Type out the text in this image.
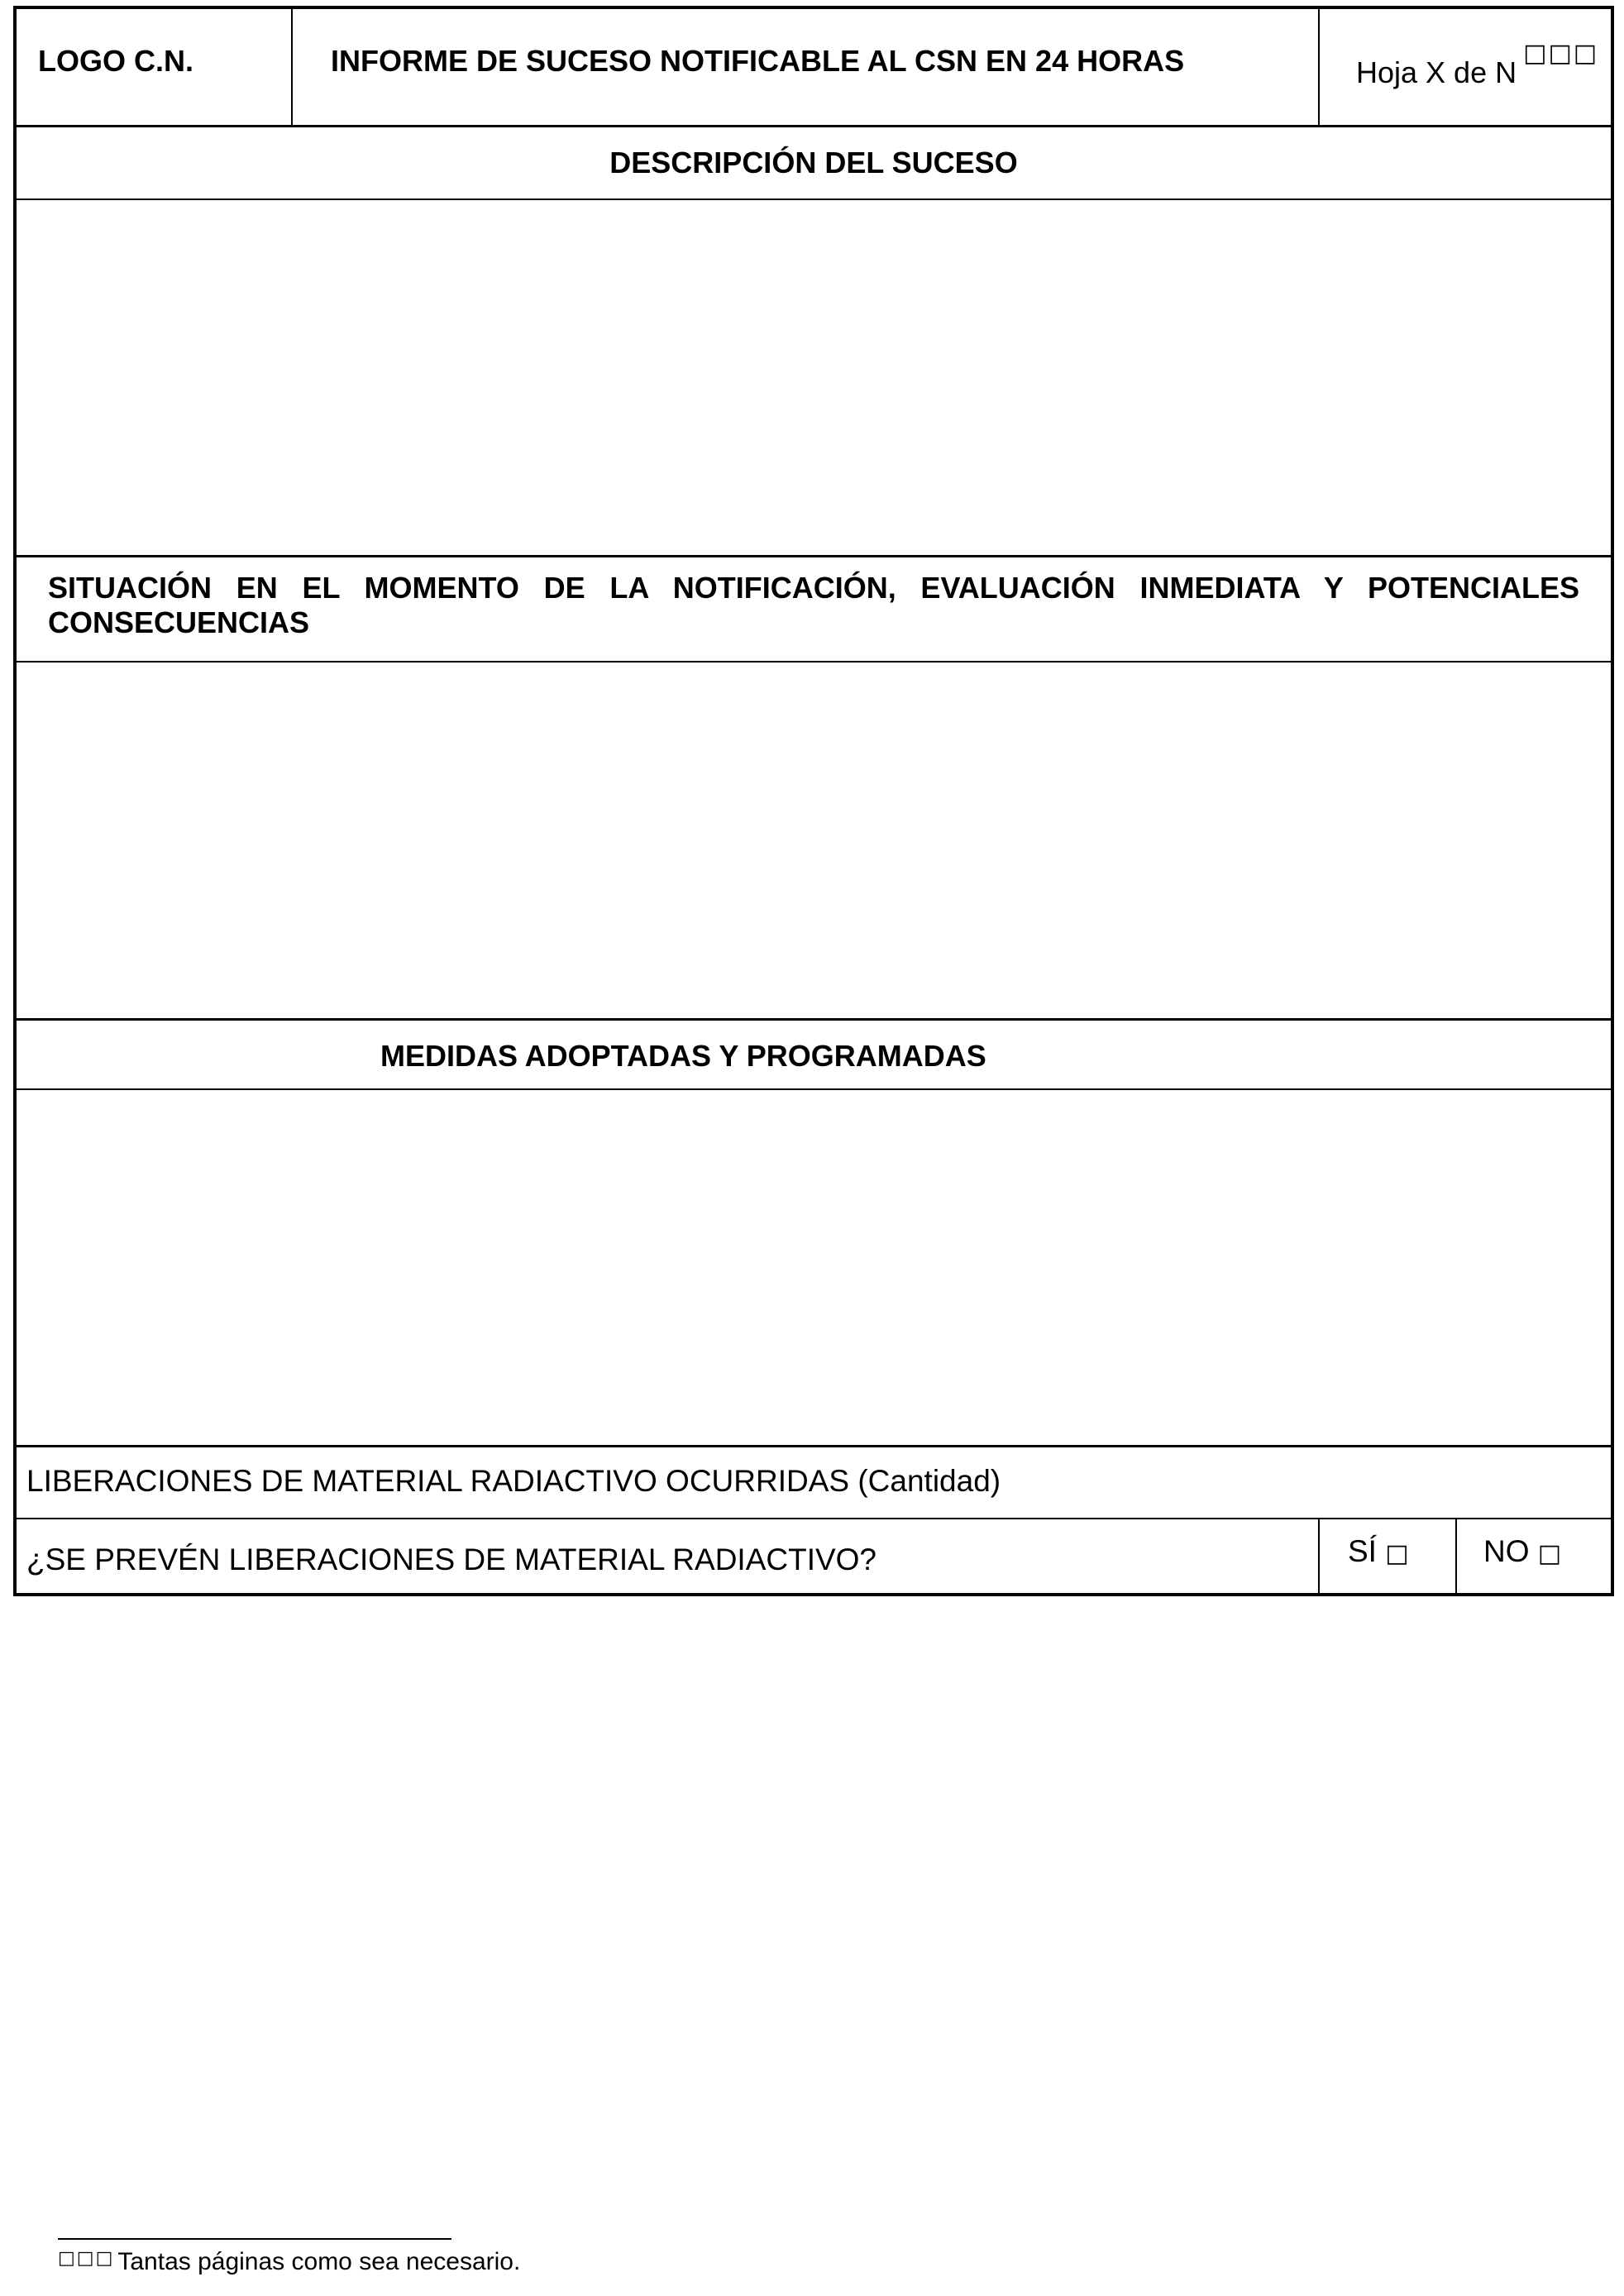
LOGO C.N.	INFORME DE SUCESO NOTIFICABLE AL CSN EN 24 HORAS	Hoja X de N□□□
DESCRIPCIÓN DEL SUCESO
SITUACIÓN EN EL MOMENTO DE LA NOTIFICACIÓN, EVALUACIÓN INMEDIATA Y POTENCIALES CONSECUENCIAS
MEDIDAS ADOPTADAS Y PROGRAMADAS
LIBERACIONES DE MATERIAL RADIACTIVO OCURRIDAS (Cantidad)
¿SE PREVÉN LIBERACIONES DE MATERIAL RADIACTIVO?	SÍ □	NO □
□□□ Tantas páginas como sea necesario.
